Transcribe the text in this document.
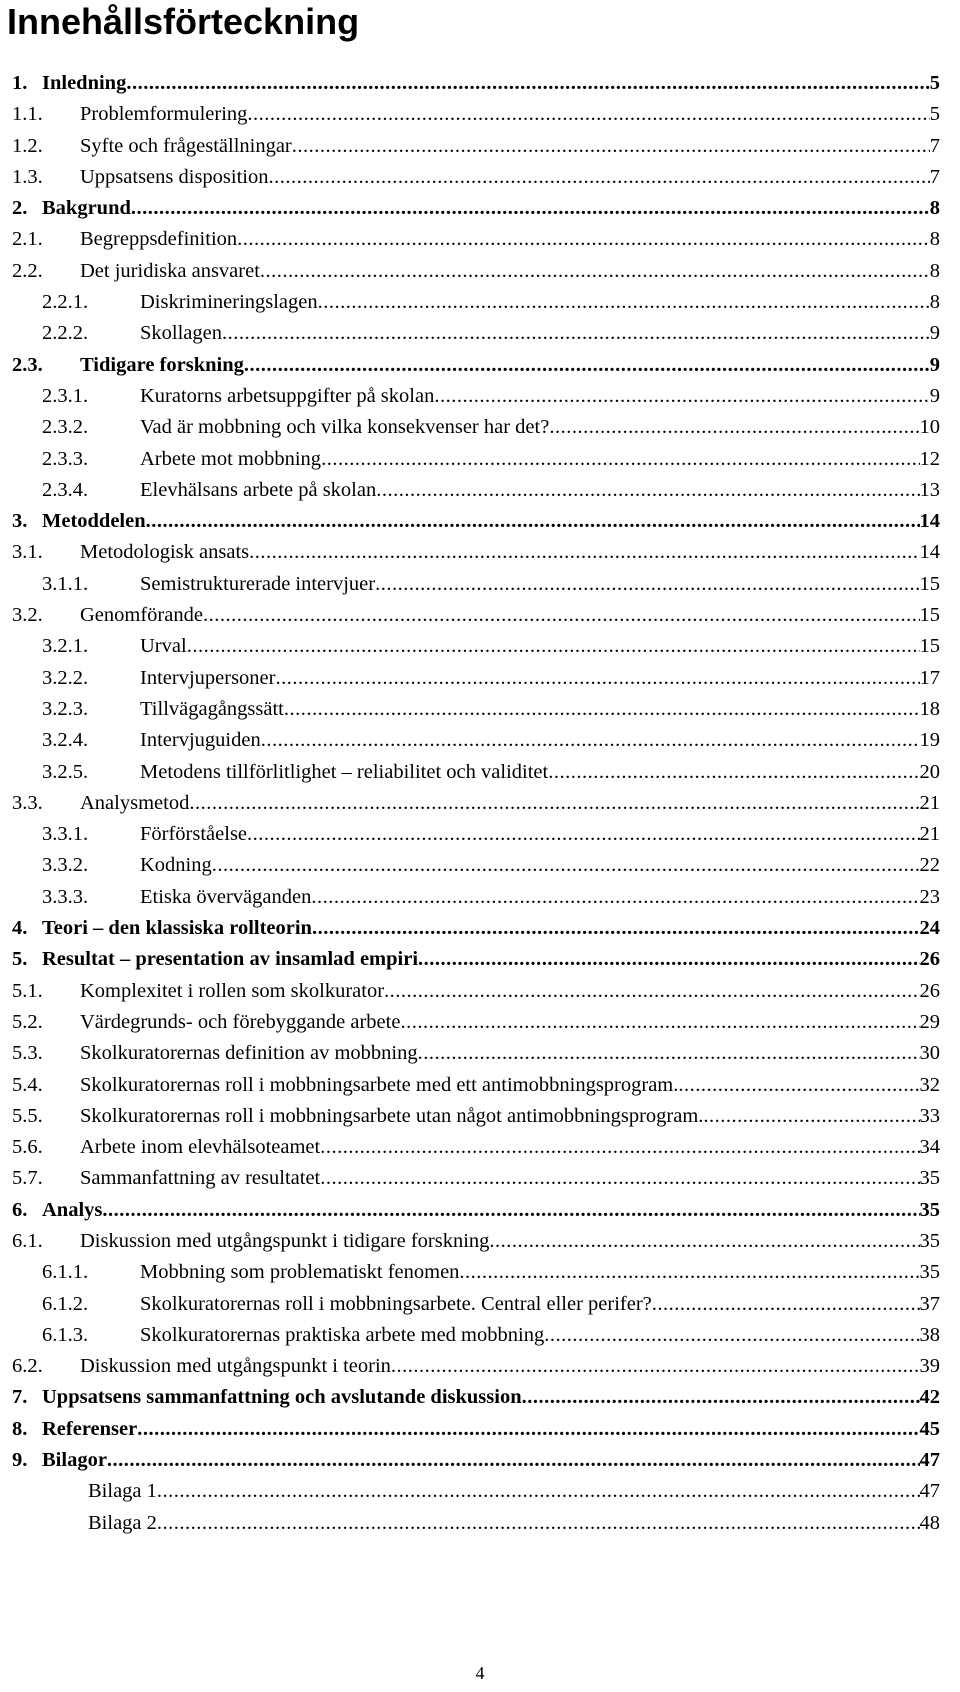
Innehållsförteckning
1. Inledning .....	5
1.1. Problemformulering .....	5
1.2. Syfte och frågeställningar .....	7
1.3. Uppsatsens disposition .....	7
2. Bakgrund .....	8
2.1. Begreppsdefinition .....	8
2.2. Det juridiska ansvaret .....	8
2.2.1.	Diskrimineringslagen .....	8
2.2.2.	Skollagen .....	9
2.3. Tidigare forskning .....	9
2.3.1.	Kuratorns arbetsuppgifter på skolan .....	9
2.3.2.	Vad är mobbning och vilka konsekvenser har det? .....	10
2.3.3.	Arbete mot mobbning .....	12
2.3.4.	Elevhälsans arbete på skolan .....	13
3. Metoddelen .....	14
3.1. Metodologisk ansats .....	14
3.1.1.	Semistrukturerade intervjuer .....	15
3.2. Genomförande .....	15
3.2.1.	Urval .....	15
3.2.2.	Intervjupersoner .....	17
3.2.3.	Tillvägagångssätt .....	18
3.2.4.	Intervjuguiden .....	19
3.2.5.	Metodens tillförlitlighet – reliabilitet och validitet .....	20
3.3. Analysmetod .....	21
3.3.1.	Förförståelse .....	21
3.3.2.	Kodning .....	22
3.3.3.	Etiska överväganden .....	23
4. Teori – den klassiska rollteorin .....	24
5. Resultat – presentation av insamlad empiri .....	26
5.1. Komplexitet i rollen som skolkurator .....	26
5.2. Värdegrunds- och förebyggande arbete .....	29
5.3. Skolkuratorernas definition av mobbning .....	30
5.4. Skolkuratorernas roll i mobbningsarbete med ett antimobbningsprogram. .....	32
5.5. Skolkuratorernas roll i mobbningsarbete utan något antimobbningsprogram. .....	33
5.6. Arbete inom elevhälsoteamet .....	34
5.7. Sammanfattning av resultatet .....	35
6. Analys .....	35
6.1. Diskussion med utgångspunkt i tidigare forskning .....	35
6.1.1.	Mobbning som problematiskt fenomen .....	35
6.1.2.	Skolkuratorernas roll i mobbningsarbete. Central eller perifer? .....	37
6.1.3.	Skolkuratorernas praktiska arbete med mobbning .....	38
6.2. Diskussion med utgångspunkt i teorin .....	39
7. Uppsatsens sammanfattning och avslutande diskussion .....	42
8. Referenser .....	45
9. Bilagor .....	47
Bilaga 1 .....	47
Bilaga 2 .....	48
4
